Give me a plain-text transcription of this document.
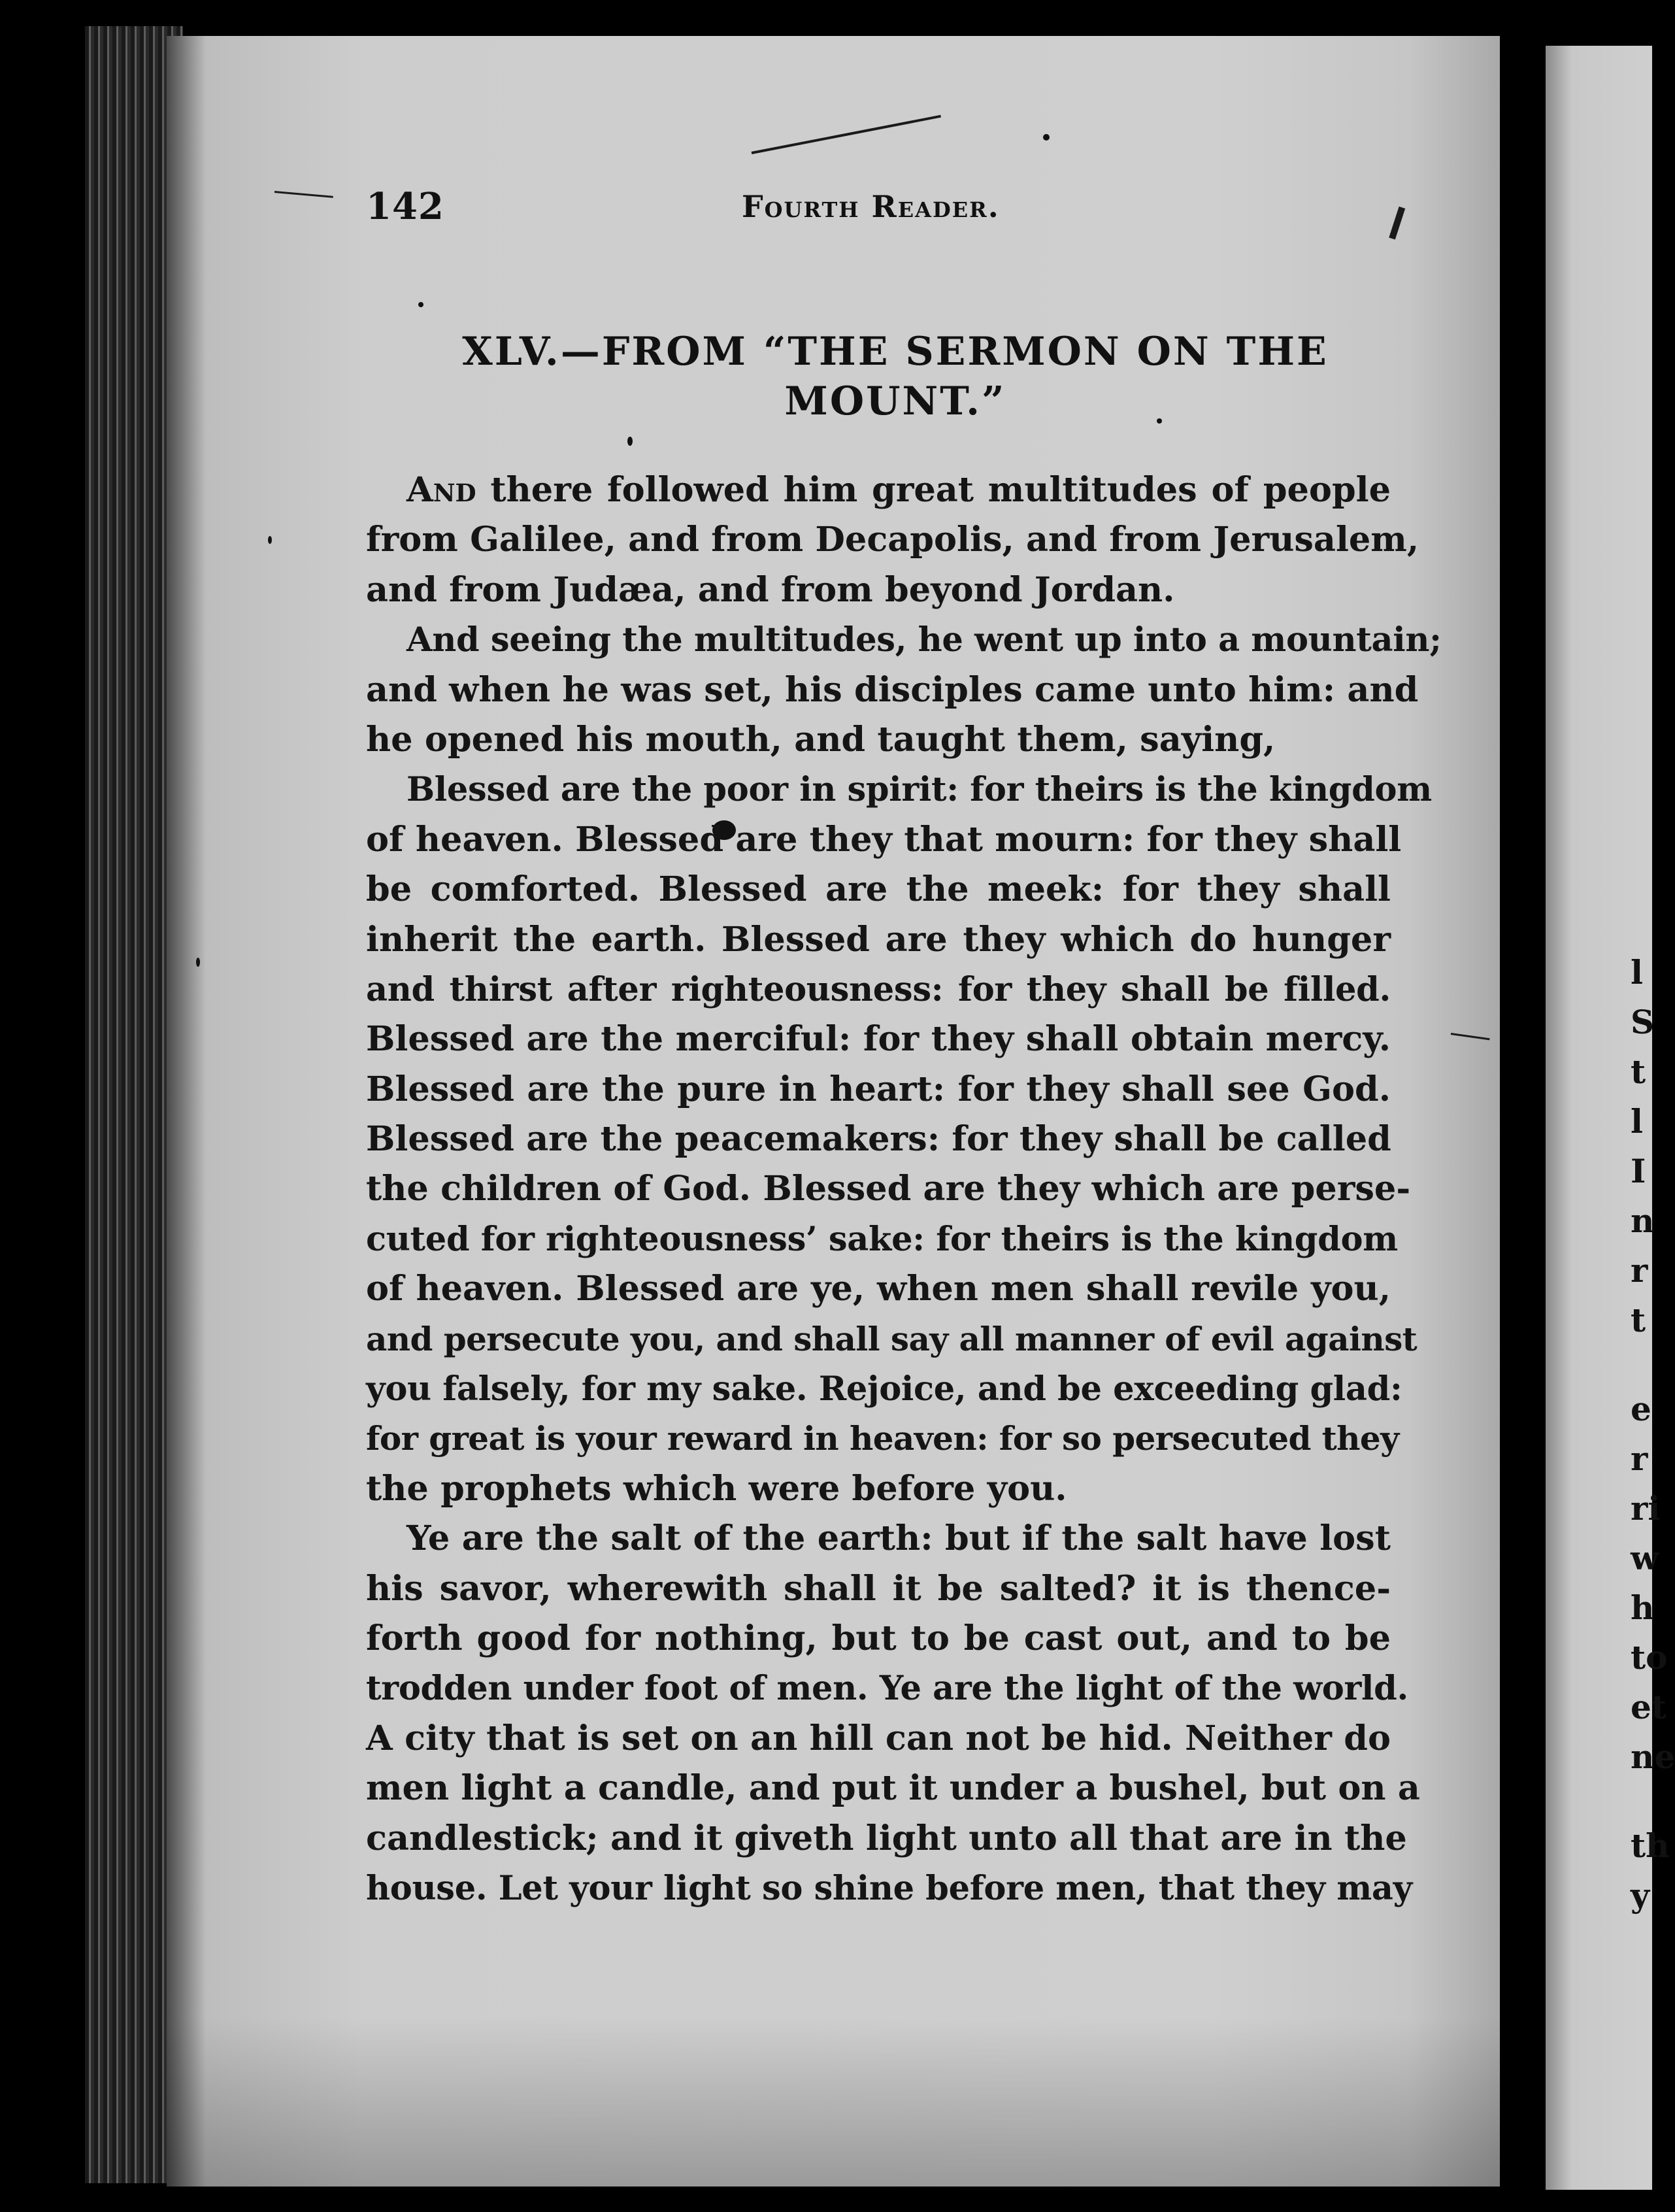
142	Fourth Reader.
XLV.—FROM “THE SERMON ON THE
MOUNT.”
And there followed him great multitudes of people
from Galilee, and from Decapolis, and from Jerusalem,
and from Judæa, and from beyond Jordan.
And seeing the multitudes, he went up into a mountain;
and when he was set, his disciples came unto him: and
he opened his mouth, and taught them, saying,
Blessed are the poor in spirit: for theirs is the kingdom
of heaven. Blessed are they that mourn: for they shall
be comforted. Blessed are the meek: for they shall
inherit the earth. Blessed are they which do hunger
and thirst after righteousness: for they shall be filled.
Blessed are the merciful: for they shall obtain mercy.
Blessed are the pure in heart: for they shall see God.
Blessed are the peacemakers: for they shall be called
the children of God. Blessed are they which are perse-
cuted for righteousness’ sake: for theirs is the kingdom
of heaven. Blessed are ye, when men shall revile you,
and persecute you, and shall say all manner of evil against
you falsely, for my sake. Rejoice, and be exceeding glad:
for great is your reward in heaven: for so persecuted they
the prophets which were before you.
Ye are the salt of the earth: but if the salt have lost
his savor, wherewith shall it be salted? it is thence-
forth good for nothing, but to be cast out, and to be
trodden under foot of men. Ye are the light of the world.
A city that is set on an hill can not be hid. Neither do
men light a candle, and put it under a bushel, but on a
candlestick; and it giveth light unto all that are in the
house. Let your light so shine before men, that they may
l
S
t
l
I
n
r
t
e
r
ri
w
h
to
et
ne
th
y
